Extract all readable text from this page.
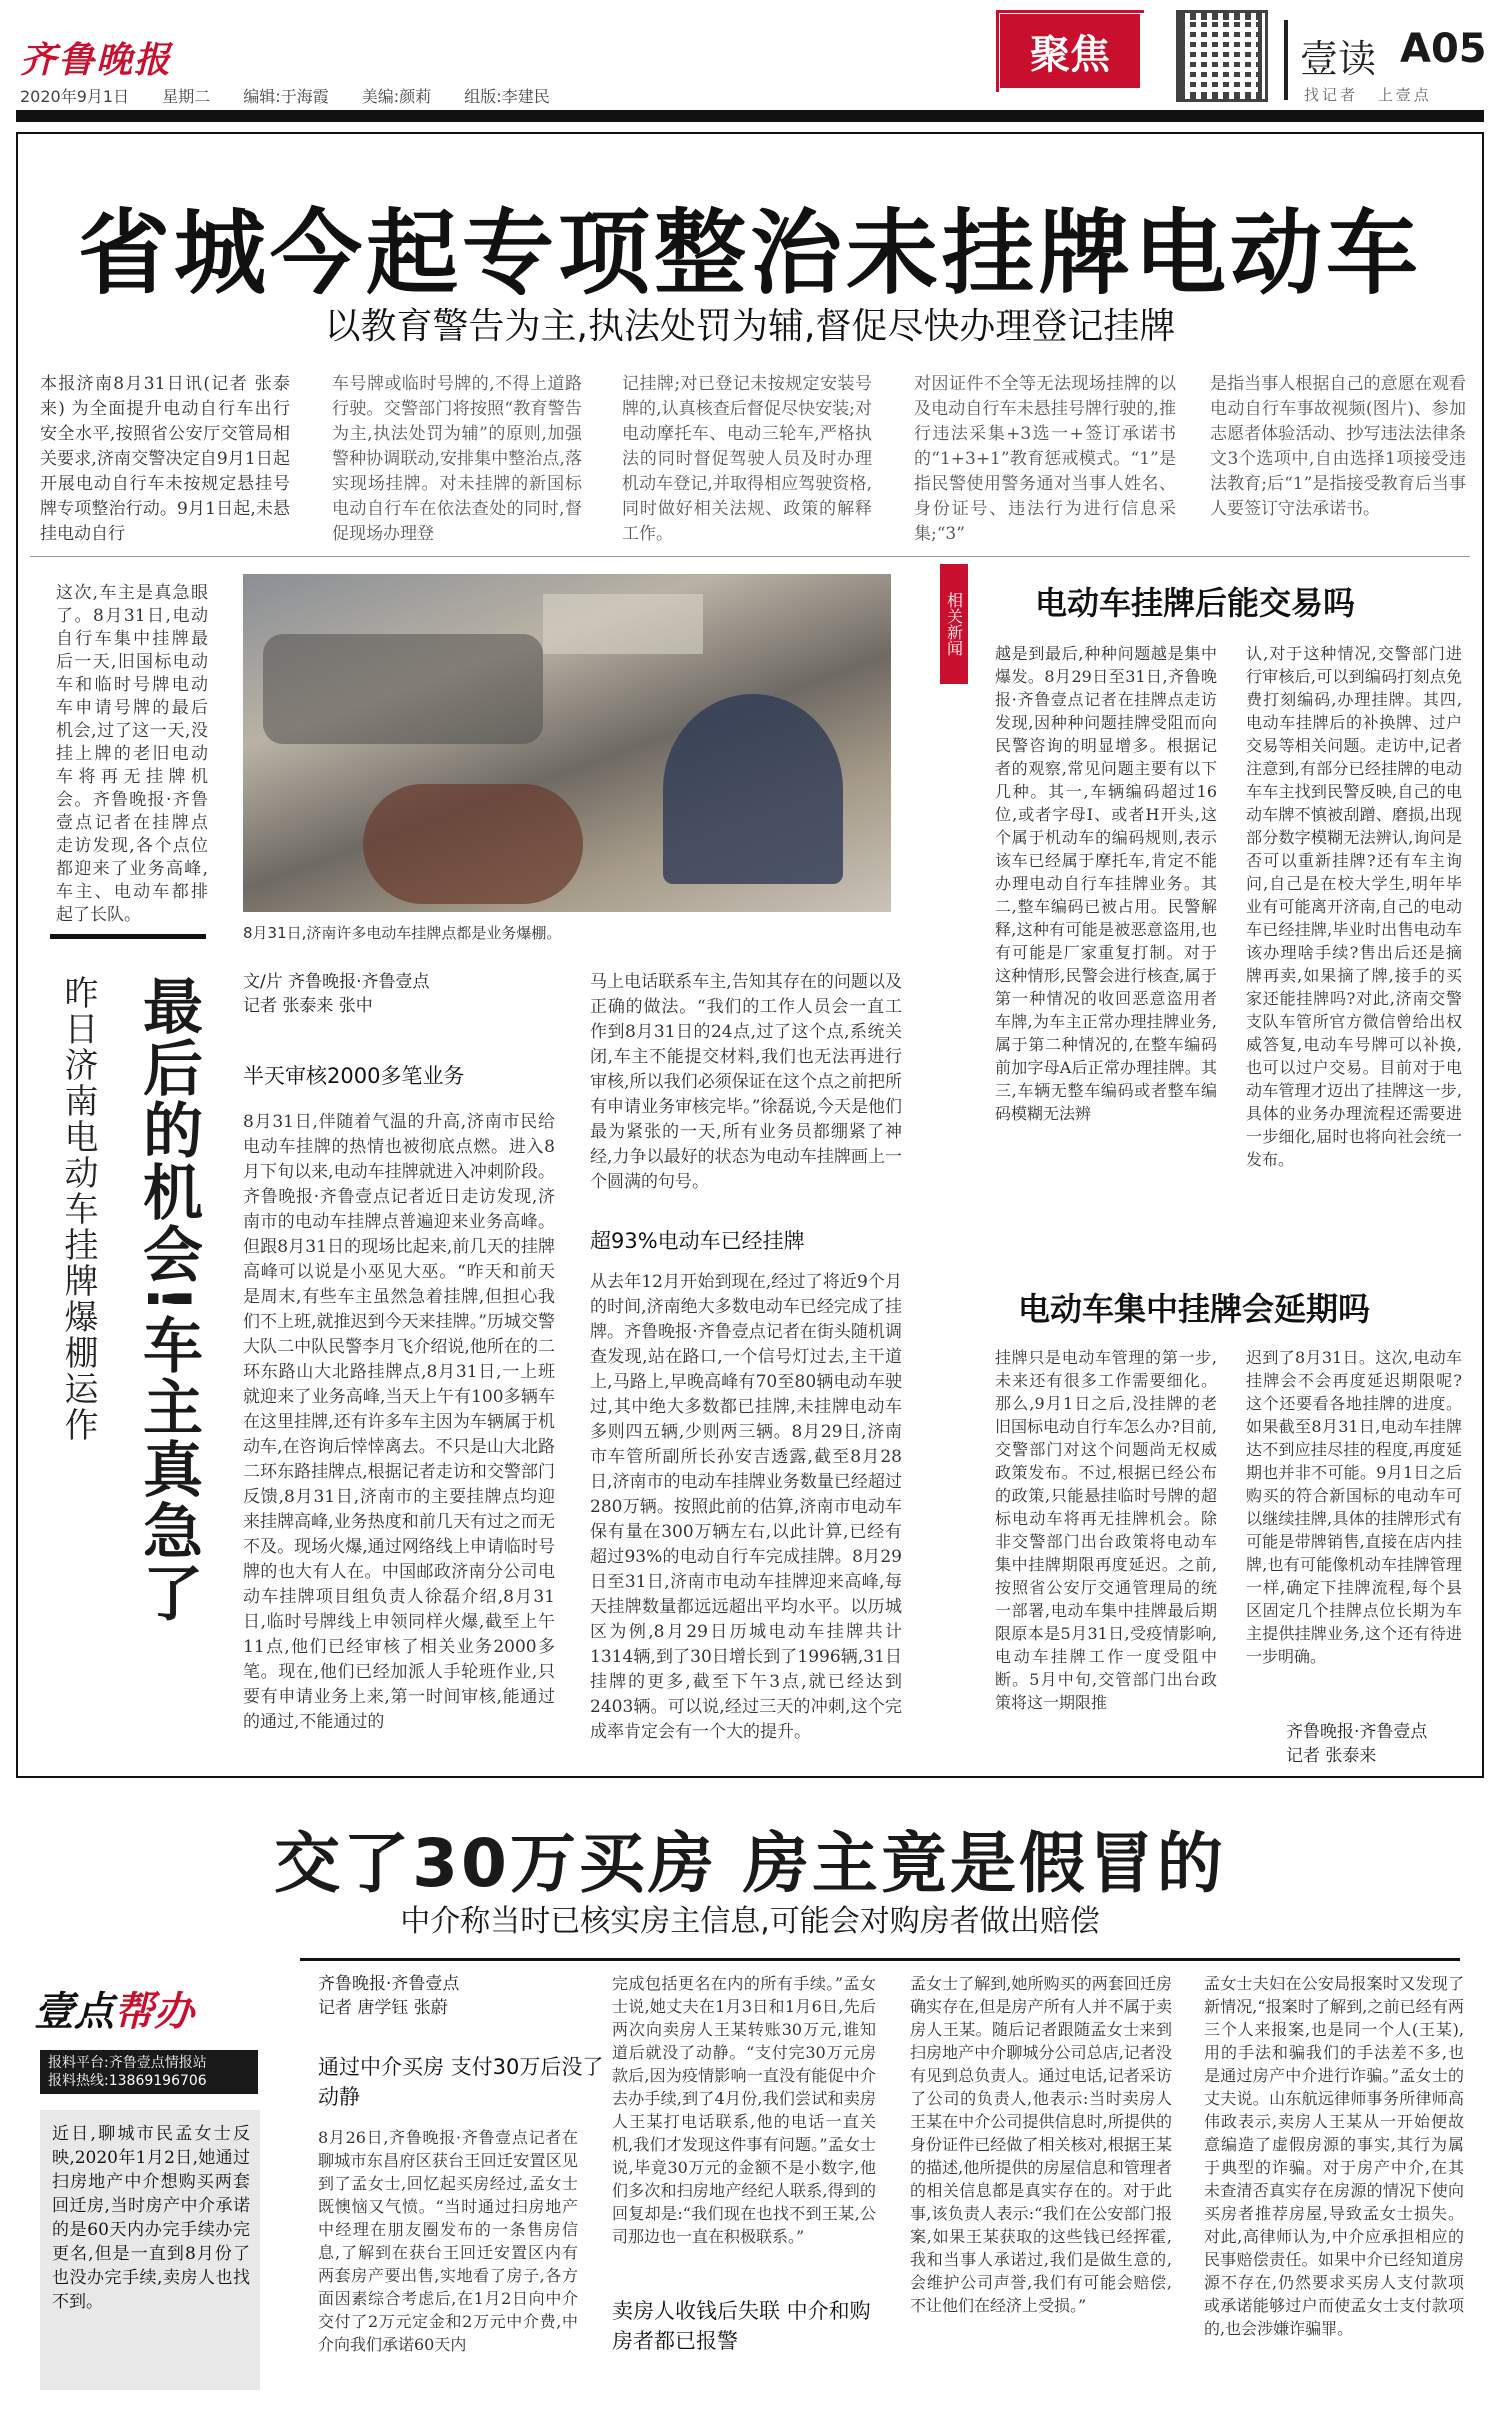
齐鲁晚报
2020年9月1日 星期二 编辑:于海霞 美编:颜莉 组版:李建民
聚焦	壹读 A05
找记者 上壹点
省城今起专项整治未挂牌电动车
以教育警告为主,执法处罚为辅,督促尽快办理登记挂牌
本报济南8月31日讯(记者 张泰来) 为全面提升电动自行车出行安全水平,按照省公安厅交管局相关要求,济南交警决定自9月1日起开展电动自行车未按规定悬挂号牌专项整治行动。9月1日起,未悬挂电动自行
车号牌或临时号牌的,不得上道路行驶。交警部门将按照“教育警告为主,执法处罚为辅”的原则,加强警种协调联动,安排集中整治点,落实现场挂牌。对未挂牌的新国标电动自行车在依法查处的同时,督促现场办理登
记挂牌;对已登记未按规定安装号牌的,认真核查后督促尽快安装;对电动摩托车、电动三轮车,严格执法的同时督促驾驶人员及时办理机动车登记,并取得相应驾驶资格,同时做好相关法规、政策的解释工作。
对因证件不全等无法现场挂牌的以及电动自行车未悬挂号牌行驶的,推行违法采集+3选一+签订承诺书的“1+3+1”教育惩戒模式。“1”是指民警使用警务通对当事人姓名、身份证号、违法行为进行信息采集;“3”
是指当事人根据自己的意愿在观看电动自行车事故视频(图片)、参加志愿者体验活动、抄写违法法律条文3个选项中,自由选择1项接受违法教育;后“1”是指接受教育后当事人要签订守法承诺书。
这次,车主是真急眼了。8月31日,电动自行车集中挂牌最后一天,旧国标电动车和临时号牌电动车申请号牌的最后机会,过了这一天,没挂上牌的老旧电动车将再无挂牌机会。齐鲁晚报·齐鲁壹点记者在挂牌点走访发现,各个点位都迎来了业务高峰,车主、电动车都排起了长队。
8月31日,济南许多电动车挂牌点都是业务爆棚。
最后的机会!车主真急了
昨日济南电动车挂牌爆棚运作	文/片 齐鲁晚报·齐鲁壹点
记者 张泰来 张中
半天审核2000多笔业务
8月31日,伴随着气温的升高,济南市民给电动车挂牌的热情也被彻底点燃。进入8月下旬以来,电动车挂牌就进入冲刺阶段。齐鲁晚报·齐鲁壹点记者近日走访发现,济南市的电动车挂牌点普遍迎来业务高峰。但跟8月31日的现场比起来,前几天的挂牌高峰可以说是小巫见大巫。“昨天和前天是周末,有些车主虽然急着挂牌,但担心我们不上班,就推迟到今天来挂牌。”历城交警大队二中队民警李月飞介绍说,他所在的二环东路山大北路挂牌点,8月31日,一上班就迎来了业务高峰,当天上午有100多辆车在这里挂牌,还有许多车主因为车辆属于机动车,在咨询后悻悻离去。不只是山大北路二环东路挂牌点,根据记者走访和交警部门反馈,8月31日,济南市的主要挂牌点均迎来挂牌高峰,业务热度和前几天有过之而无不及。现场火爆,通过网络线上申请临时号牌的也大有人在。中国邮政济南分公司电动车挂牌项目组负责人徐磊介绍,8月31日,临时号牌线上申领同样火爆,截至上午11点,他们已经审核了相关业务2000多笔。现在,他们已经加派人手轮班作业,只要有申请业务上来,第一时间审核,能通过的通过,不能通过的
马上电话联系车主,告知其存在的问题以及正确的做法。“我们的工作人员会一直工作到8月31日的24点,过了这个点,系统关闭,车主不能提交材料,我们也无法再进行审核,所以我们必须保证在这个点之前把所有申请业务审核完毕。”徐磊说,今天是他们最为紧张的一天,所有业务员都绷紧了神经,力争以最好的状态为电动车挂牌画上一个圆满的句号。
超93%电动车已经挂牌
从去年12月开始到现在,经过了将近9个月的时间,济南绝大多数电动车已经完成了挂牌。齐鲁晚报·齐鲁壹点记者在街头随机调查发现,站在路口,一个信号灯过去,主干道上,马路上,早晚高峰有70至80辆电动车驶过,其中绝大多数都已挂牌,未挂牌电动车多则四五辆,少则两三辆。8月29日,济南市车管所副所长孙安吉透露,截至8月28日,济南市的电动车挂牌业务数量已经超过280万辆。按照此前的估算,济南市电动车保有量在300万辆左右,以此计算,已经有超过93%的电动自行车完成挂牌。8月29日至31日,济南市电动车挂牌迎来高峰,每天挂牌数量都远远超出平均水平。以历城区为例,8月29日历城电动车挂牌共计1314辆,到了30日增长到了1996辆,31日挂牌的更多,截至下午3点,就已经达到2403辆。可以说,经过三天的冲刺,这个完成率肯定会有一个大的提升。
相关新闻 电动车挂牌后能交易吗
越是到最后,种种问题越是集中爆发。8月29日至31日,齐鲁晚报·齐鲁壹点记者在挂牌点走访发现,因种种问题挂牌受阻而向民警咨询的明显增多。根据记者的观察,常见问题主要有以下几种。其一,车辆编码超过16位,或者字母I、或者H开头,这个属于机动车的编码规则,表示该车已经属于摩托车,肯定不能办理电动自行车挂牌业务。其二,整车编码已被占用。民警解释,这种有可能是被恶意盗用,也有可能是厂家重复打制。对于这种情形,民警会进行核查,属于第一种情况的收回恶意盗用者车牌,为车主正常办理挂牌业务,属于第二种情况的,在整车编码前加字母A后正常办理挂牌。其三,车辆无整车编码或者整车编码模糊无法辨
认,对于这种情况,交警部门进行审核后,可以到编码打刻点免费打刻编码,办理挂牌。其四,电动车挂牌后的补换牌、过户交易等相关问题。走访中,记者注意到,有部分已经挂牌的电动车车主找到民警反映,自己的电动车牌不慎被刮蹭、磨损,出现部分数字模糊无法辨认,询问是否可以重新挂牌?还有车主询问,自己是在校大学生,明年毕业有可能离开济南,自己的电动车已经挂牌,毕业时出售电动车该办理啥手续?售出后还是摘牌再卖,如果摘了牌,接手的买家还能挂牌吗?对此,济南交警支队车管所官方微信曾给出权威答复,电动车号牌可以补换,也可以过户交易。目前对于电动车管理才迈出了挂牌这一步,具体的业务办理流程还需要进一步细化,届时也将向社会统一发布。
电动车集中挂牌会延期吗
挂牌只是电动车管理的第一步,未来还有很多工作需要细化。那么,9月1日之后,没挂牌的老旧国标电动自行车怎么办?目前,交警部门对这个问题尚无权威政策发布。不过,根据已经公布的政策,只能悬挂临时号牌的超标电动车将再无挂牌机会。除非交警部门出台政策将电动车集中挂牌期限再度延迟。之前,按照省公安厅交通管理局的统一部署,电动车集中挂牌最后期限原本是5月31日,受疫情影响,电动车挂牌工作一度受阻中断。5月中旬,交管部门出台政策将这一期限推
迟到了8月31日。这次,电动车挂牌会不会再度延迟期限呢?这个还要看各地挂牌的进度。如果截至8月31日,电动车挂牌达不到应挂尽挂的程度,再度延期也并非不可能。9月1日之后购买的符合新国标的电动车可以继续挂牌,具体的挂牌形式有可能是带牌销售,直接在店内挂牌,也有可能像机动车挂牌管理一样,确定下挂牌流程,每个县区固定几个挂牌点位长期为车主提供挂牌业务,这个还有待进一步明确。
齐鲁晚报·齐鲁壹点
记者 张泰来
交了30万买房 房主竟是假冒的
中介称当时已核实房主信息,可能会对购房者做出赔偿
壹点帮办
报料平台:齐鲁壹点情报站
报料热线:13869196706
近日,聊城市民孟女士反映,2020年1月2日,她通过扫房地产中介想购买两套回迁房,当时房产中介承诺的是60天内办完手续办完更名,但是一直到8月份了也没办完手续,卖房人也找不到。
齐鲁晚报·齐鲁壹点
记者 唐学钰 张蔚
通过中介买房 支付30万后没了动静
8月26日,齐鲁晚报·齐鲁壹点记者在聊城市东昌府区获台王回迁安置区见到了孟女士,回忆起买房经过,孟女士既懊恼又气愤。“当时通过扫房地产中经理在朋友圈发布的一条售房信息,了解到在获台王回迁安置区内有两套房产要出售,实地看了房子,各方面因素综合考虑后,在1月2日向中介交付了2万元定金和2万元中介费,中介向我们承诺60天内
完成包括更名在内的所有手续。”孟女士说,她丈夫在1月3日和1月6日,先后两次向卖房人王某转账30万元,谁知道后就没了动静。“支付完30万元房款后,因为疫情影响一直没有能促中介去办手续,到了4月份,我们尝试和卖房人王某打电话联系,他的电话一直关机,我们才发现这件事有问题。”孟女士说,毕竟30万元的金额不是小数字,他们多次和扫房地产经纪人联系,得到的回复却是:“我们现在也找不到王某,公司那边也一直在积极联系。”
卖房人收钱后失联 中介和购房者都已报警
孟女士了解到,她所购买的两套回迁房确实存在,但是房产所有人并不属于卖房人王某。随后记者跟随孟女士来到扫房地产中介聊城分公司总店,记者没有见到总负责人。通过电话,记者采访了公司的负责人,他表示:当时卖房人王某在中介公司提供信息时,所提供的身份证件已经做了相关核对,根据王某的描述,他所提供的房屋信息和管理者的相关信息都是真实存在的。对于此事,该负责人表示:“我们在公安部门报案,如果王某获取的这些钱已经挥霍,我和当事人承诺过,我们是做生意的,会维护公司声誉,我们有可能会赔偿,不让他们在经济上受损。”
孟女士夫妇在公安局报案时又发现了新情况,“报案时了解到,之前已经有两三个人来报案,也是同一个人(王某),用的手法和骗我们的手法差不多,也是通过房产中介进行诈骗。”孟女士的丈夫说。山东航远律师事务所律师高伟政表示,卖房人王某从一开始便故意编造了虚假房源的事实,其行为属于典型的诈骗。对于房产中介,在其未查清否真实存在房源的情况下使向买房者推荐房屋,导致孟女士损失。对此,高律师认为,中介应承担相应的民事赔偿责任。如果中介已经知道房源不存在,仍然要求买房人支付款项或承诺能够过户而使孟女士支付款项的,也会涉嫌诈骗罪。
